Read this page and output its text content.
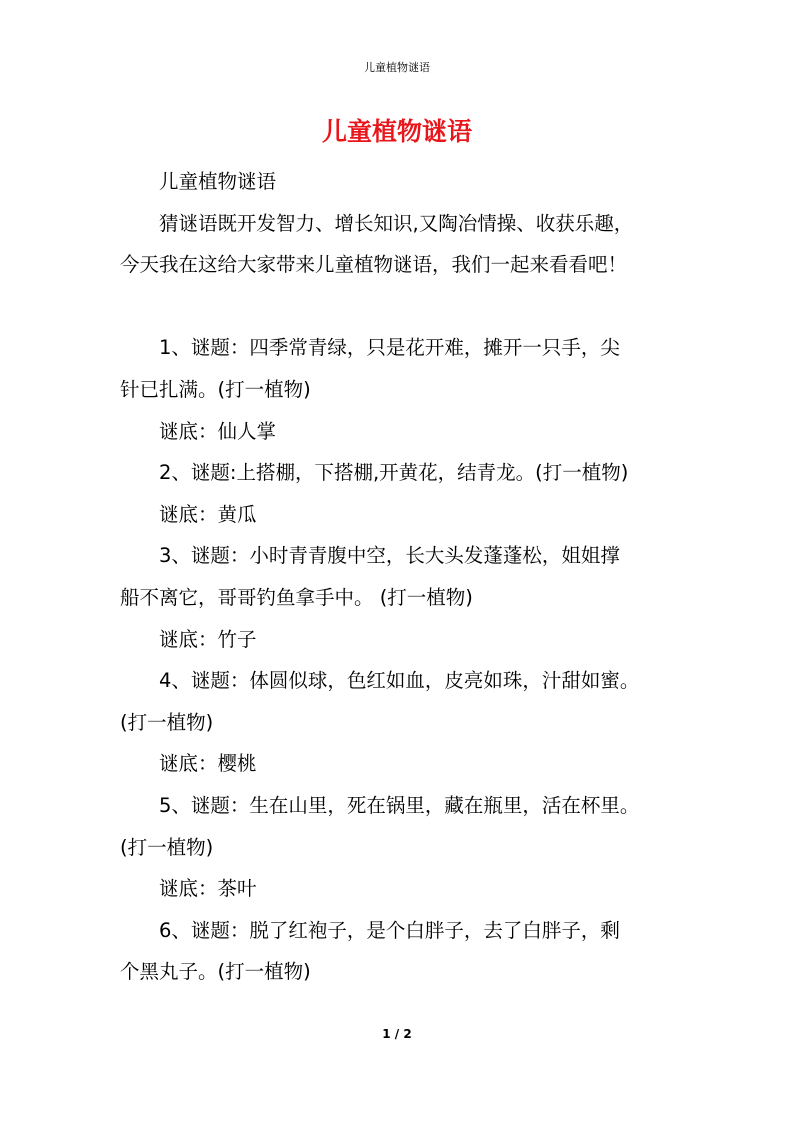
儿童植物谜语
儿童植物谜语

儿童植物谜语

猜谜语既开发智力、增长知识,又陶冶情操、收获乐趣，

今天我在这给大家带来儿童植物谜语，我们一起来看看吧！

1、谜题：四季常青绿，只是花开难，摊开一只手，尖

针已扎满。(打一植物)

谜底：仙人掌

2、谜题:上搭棚，下搭棚,开黄花，结青龙。(打一植物)

谜底：黄瓜

3、谜题：小时青青腹中空，长大头发蓬蓬松，姐姐撑

船不离它，哥哥钓鱼拿手中。 (打一植物)

谜底：竹子

4、谜题：体圆似球，色红如血，皮亮如珠，汁甜如蜜。

(打一植物)

谜底：樱桃

5、谜题：生在山里，死在锅里，藏在瓶里，活在杯里。

(打一植物)

谜底：茶叶

6、谜题：脱了红袍子，是个白胖子，去了白胖子，剩

个黑丸子。(打一植物)

1 / 2
